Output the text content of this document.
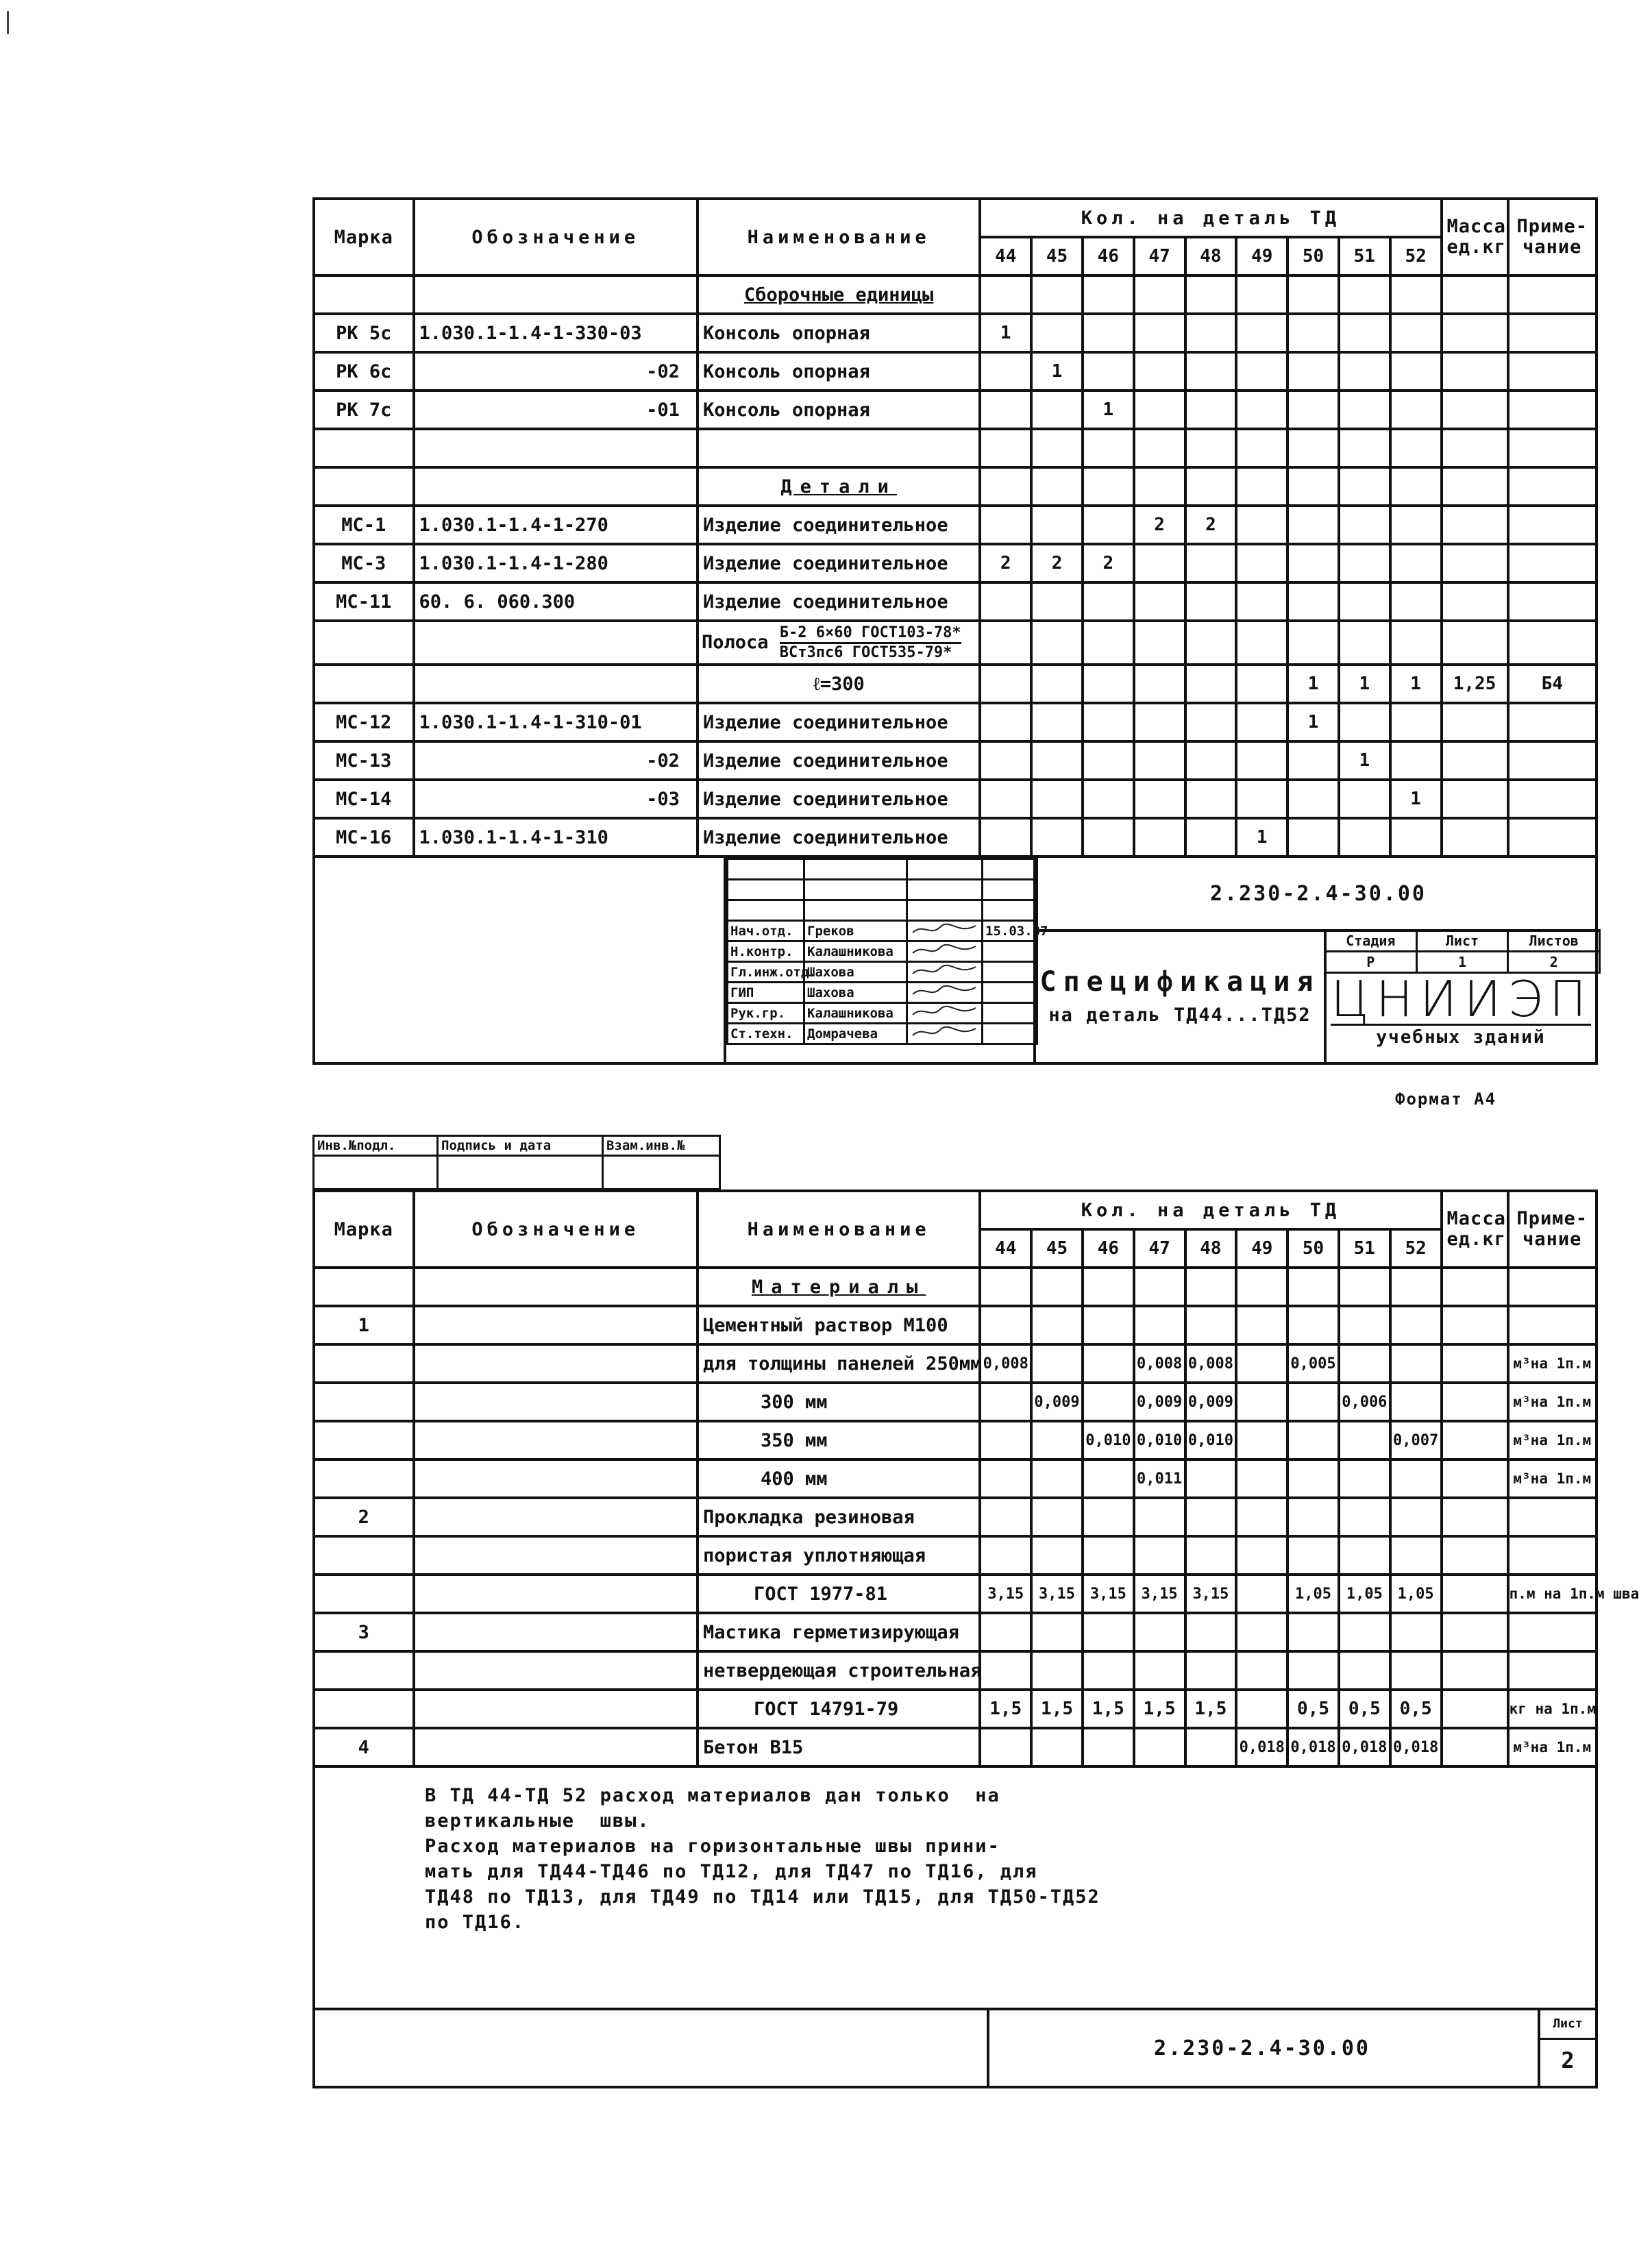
Марка	Обозначение	Наименование	Кол. на деталь ТД									Масса ед.кг	Приме- чание
			44	45	46	47	48	49	50	51	52		
		Сборочные единицы											
РК 5с	1.030.1-1.4-1-330-03	Консоль опорная	1										
РК 6с	-02	Консоль опорная		1									
РК 7с	-01	Консоль опорная			1								

		Детали											
МС-1	1.030.1-1.4-1-270	Изделие соединительное				2	2						
МС-3	1.030.1-1.4-1-280	Изделие соединительное	2	2	2								
МС-11	60. 6. 060.300	Изделие соединительное											
		Полоса $\frac{\text{Б-2 6×60 ГОСТ103-78*}}{\text{ВСт3пс6 ГОСТ535-79*}}$											
		ℓ=300							1	1	1	1,25	Б4
МС-12	1.030.1-1.4-1-310-01	Изделие соединительное							1				
МС-13	-02	Изделие соединительное								1			
МС-14	-03	Изделие соединительное									1		
МС-16	1.030.1-1.4-1-310	Изделие соединительное						1					

Нач.отд.	Греков		15.03.87
Н.контр.	Калашникова		
Гл.инж.отд.	Шахова		
ГИП	Шахова		
Рук.гр.	Калашникова		
Ст.техн.	Домрачева		
2.230-2.4-30.00
Спецификация
на деталь ТД44...ТД52
Стадия	Лист	Листов
Р	1	2
ЦНИИЭП
учебных зданий
Формат А4
Инв.№подл.	Подпись и дата	Взам.инв.№

Марка	Обозначение	Наименование	Кол. на деталь ТД									Масса ед.кг	Приме- чание
			44	45	46	47	48	49	50	51	52		
		Материалы											
1		Цементный раствор М100											
		для толщины панелей 250мм	0,008			0,008	0,008		0,005				м³на 1п.м
		300 мм		0,009		0,009	0,009			0,006			м³на 1п.м
		350 мм			0,010	0,010	0,010				0,007		м³на 1п.м
		400 мм				0,011							м³на 1п.м
2		Прокладка резиновая											
		пористая уплотняющая											
		ГОСТ 1977-81	3,15	3,15	3,15	3,15	3,15		1,05	1,05	1,05		п.м на 1п.м шва
3		Мастика герметизирующая											
		нетвердеющая строительная											
		ГОСТ 14791-79	1,5	1,5	1,5	1,5	1,5		0,5	0,5	0,5		кг на 1п.м
4		Бетон В15						0,018	0,018	0,018	0,018		м³на 1п.м
В ТД 44-ТД 52 расход материалов дан только  на
вертикальные  швы.
Расход материалов на горизонтальные швы прини-
мать для ТД44-ТД46 по ТД12, для ТД47 по ТД16, для
ТД48 по ТД13, для ТД49 по ТД14 или ТД15, для ТД50-ТД52
по ТД16.
2.230-2.4-30.00
Лист
2
